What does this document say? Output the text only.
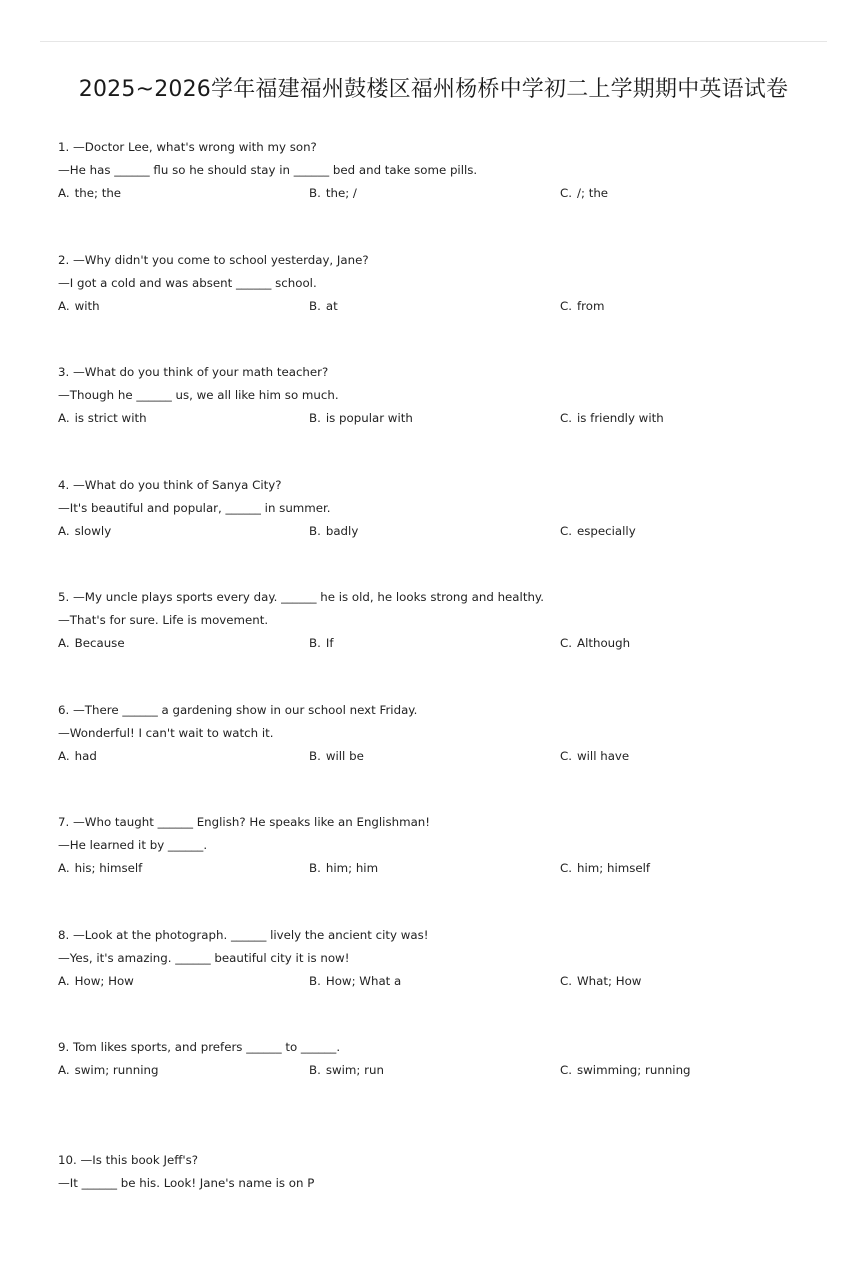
2025~2026学年福建福州鼓楼区福州杨桥中学初二上学期期中英语试卷
1. —Doctor Lee, what's wrong with my son?
—He has ______ flu so he should stay in ______ bed and take some pills.
A. the; the	B. the; /	C. /; the
2. —Why didn't you come to school yesterday, Jane?
—I got a cold and was absent ______ school.
A. with	B. at	C. from
3. —What do you think of your math teacher?
—Though he ______ us, we all like him so much.
A. is strict with	B. is popular with	C. is friendly with
4. —What do you think of Sanya City?
—It's beautiful and popular, ______ in summer.
A. slowly	B. badly	C. especially
5. —My uncle plays sports every day. ______ he is old, he looks strong and healthy.
—That's for sure. Life is movement.
A. Because	B. If	C. Although
6. —There ______ a gardening show in our school next Friday.
—Wonderful! I can't wait to watch it.
A. had	B. will be	C. will have
7. —Who taught ______ English? He speaks like an Englishman!
—He learned it by ______.
A. his; himself	B. him; him	C. him; himself
8. —Look at the photograph. ______ lively the ancient city was!
—Yes, it's amazing. ______ beautiful city it is now!
A. How; How	B. How; What a	C. What; How
9. Tom likes sports, and prefers ______ to ______.
A. swim; running	B. swim; run	C. swimming; running
10. —Is this book Jeff's?
—It ______ be his. Look! Jane's name is on P
